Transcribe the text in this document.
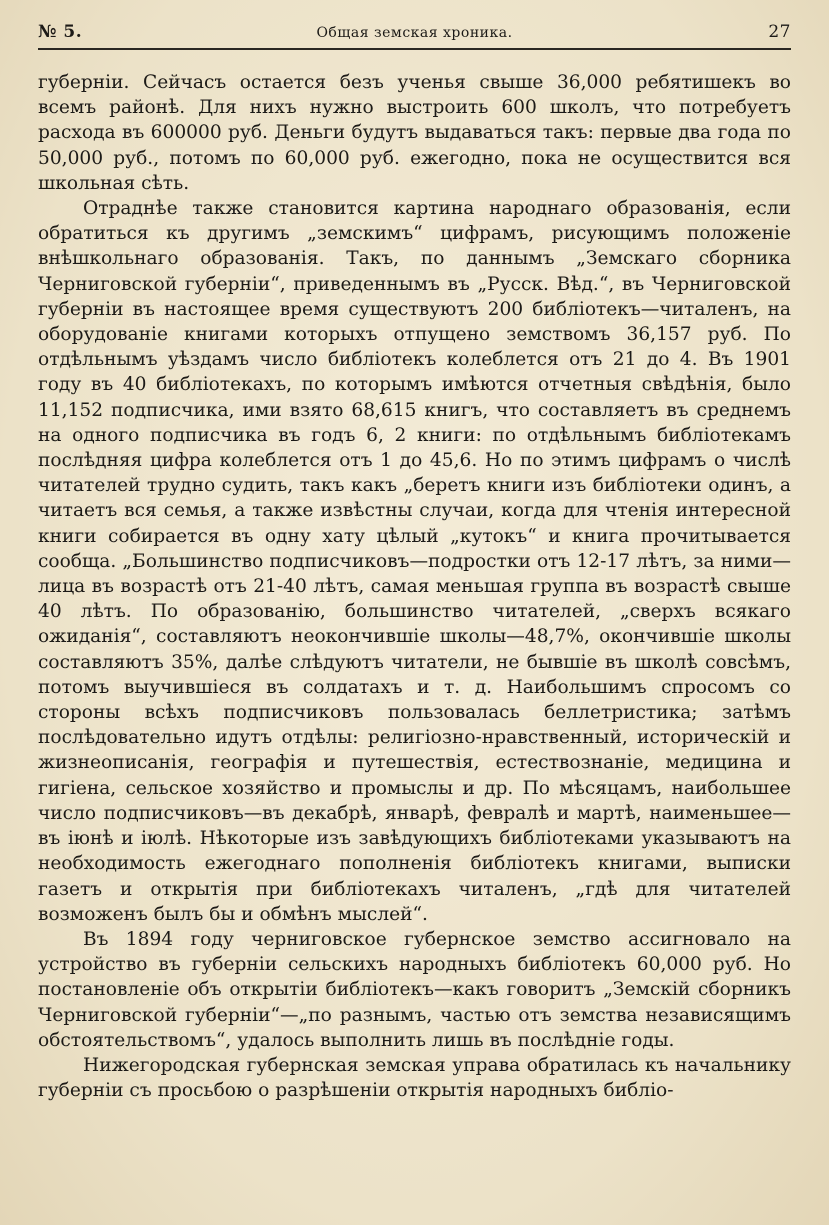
№ 5.	Общая земская хроника.	27

губерніи. Сейчасъ остается безъ ученья свыше 36,000 ребятишекъ во всемъ районѣ. Для нихъ нужно выстроить 600 школъ, что потребуетъ расхода въ 600000 руб. Деньги будутъ выдаваться такъ: первые два года по 50,000 руб., потомъ по 60,000 руб. ежегодно, пока не осуществится вся школьная сѣть.

Отраднѣе также становится картина народнаго образованія, если обратиться къ другимъ „земскимъ“ цифрамъ, рисующимъ положеніе внѣшкольнаго образованія. Такъ, по даннымъ „Земскаго сборника Черниговской губерніи“, приведеннымъ въ „Русск. Вѣд.“, въ Черниговской губерніи въ настоящее время существуютъ 200 библіотекъ—читаленъ, на оборудованіе книгами которыхъ отпущено земствомъ 36,157 руб. По отдѣльнымъ уѣздамъ число библіотекъ колеблется отъ 21 до 4. Въ 1901 году въ 40 библіотекахъ, по которымъ имѣются отчетныя свѣдѣнія, было 11,152 подписчика, ими взято 68,615 книгъ, что составляетъ въ среднемъ на одного подписчика въ годъ 6, 2 книги: по отдѣльнымъ библіотекамъ послѣдняя цифра колеблется отъ 1 до 45,6. Но по этимъ цифрамъ о числѣ читателей трудно судить, такъ какъ „беретъ книги изъ библіотеки одинъ, а читаетъ вся семья, а также извѣстны случаи, когда для чтенія интересной книги собирается въ одну хату цѣлый „кутокъ“ и книга прочитывается сообща. „Большинство подписчиковъ—подростки отъ 12-17 лѣтъ, за ними—лица въ возрастѣ отъ 21-40 лѣтъ, самая меньшая группа въ возрастѣ свыше 40 лѣтъ. По образованію, большинство читателей, „сверхъ всякаго ожиданія“, составляютъ неокончившіе школы—48,7%, окончившіе школы составляютъ 35%, далѣе слѣдуютъ читатели, не бывшіе въ школѣ совсѣмъ, потомъ выучившіеся въ солдатахъ и т. д. Наибольшимъ спросомъ со стороны всѣхъ подписчиковъ пользовалась беллетристика; затѣмъ послѣдовательно идутъ отдѣлы: религіозно-нравственный, историческій и жизнеописанія, географія и путешествія, естествознаніе, медицина и гигіена, сельское хозяйство и промыслы и др. По мѣсяцамъ, наибольшее число подписчиковъ—въ декабрѣ, январѣ, февралѣ и мартѣ, наименьшее—въ іюнѣ и іюлѣ. Нѣкоторые изъ завѣдующихъ библіотеками указываютъ на необходимость ежегоднаго пополненія библіотекъ книгами, выписки газетъ и открытія при библіотекахъ читаленъ, „гдѣ для читателей возможенъ былъ бы и обмѣнъ мыслей“.

Въ 1894 году черниговское губернское земство ассигновало на устройство въ губерніи сельскихъ народныхъ библіотекъ 60,000 руб. Но постановленіе объ открытіи библіотекъ—какъ говоритъ „Земскій сборникъ Черниговской губерніи“—„по разнымъ, частью отъ земства независящимъ обстоятельствомъ“, удалось выполнить лишь въ послѣдніе годы.

Нижегородская губернская земская управа обратилась къ начальнику губерніи съ просьбою о разрѣшеніи открытія народныхъ библіо-
